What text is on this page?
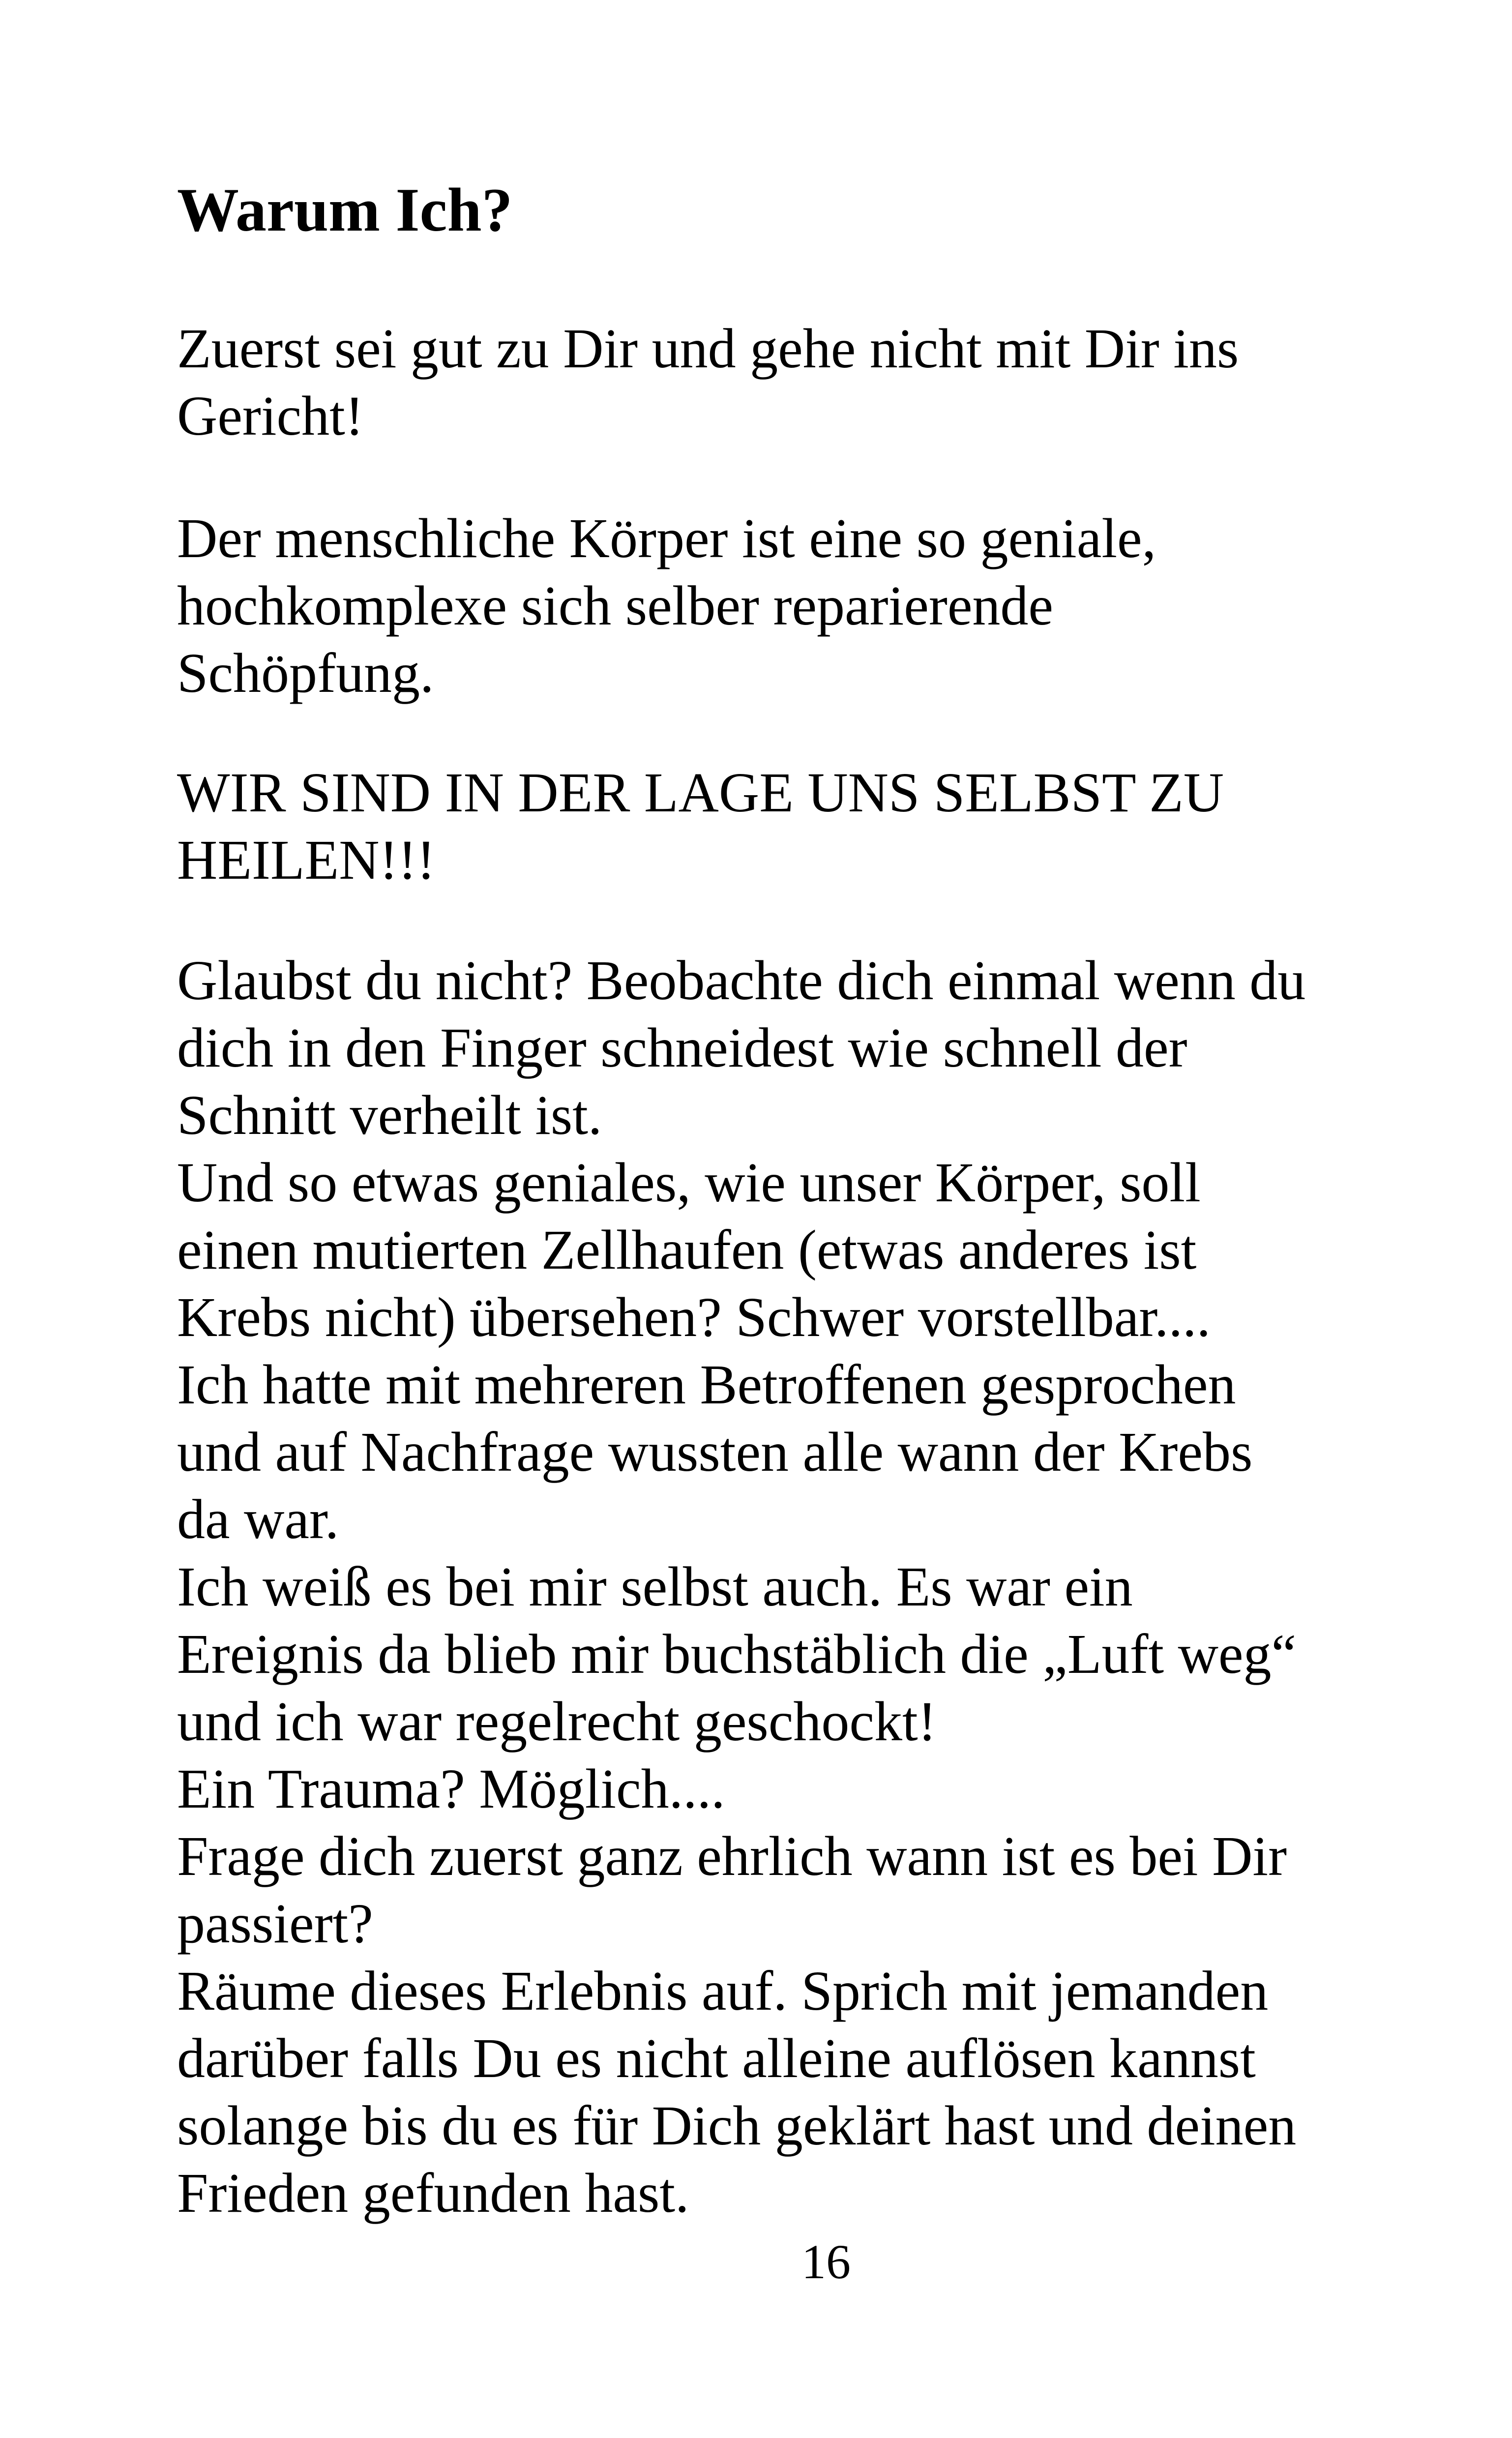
Warum Ich?

Zuerst sei gut zu Dir und gehe nicht mit Dir ins
Gericht!

Der menschliche Körper ist eine so geniale,
hochkomplexe sich selber reparierende
Schöpfung.

WIR SIND IN DER LAGE UNS SELBST ZU
HEILEN!!!

Glaubst du nicht? Beobachte dich einmal wenn du
dich in den Finger schneidest wie schnell der
Schnitt verheilt ist.
Und so etwas geniales, wie unser Körper, soll
einen mutierten Zellhaufen (etwas anderes ist
Krebs nicht) übersehen? Schwer vorstellbar....
Ich hatte mit mehreren Betroffenen gesprochen
und auf Nachfrage wussten alle wann der Krebs
da war.
Ich weiß es bei mir selbst auch. Es war ein
Ereignis da blieb mir buchstäblich die „Luft weg“
und ich war regelrecht geschockt!
Ein Trauma? Möglich....
Frage dich zuerst ganz ehrlich wann ist es bei Dir
passiert?
Räume dieses Erlebnis auf. Sprich mit jemanden
darüber falls Du es nicht alleine auflösen kannst
solange bis du es für Dich geklärt hast und deinen
Frieden gefunden hast.

16
